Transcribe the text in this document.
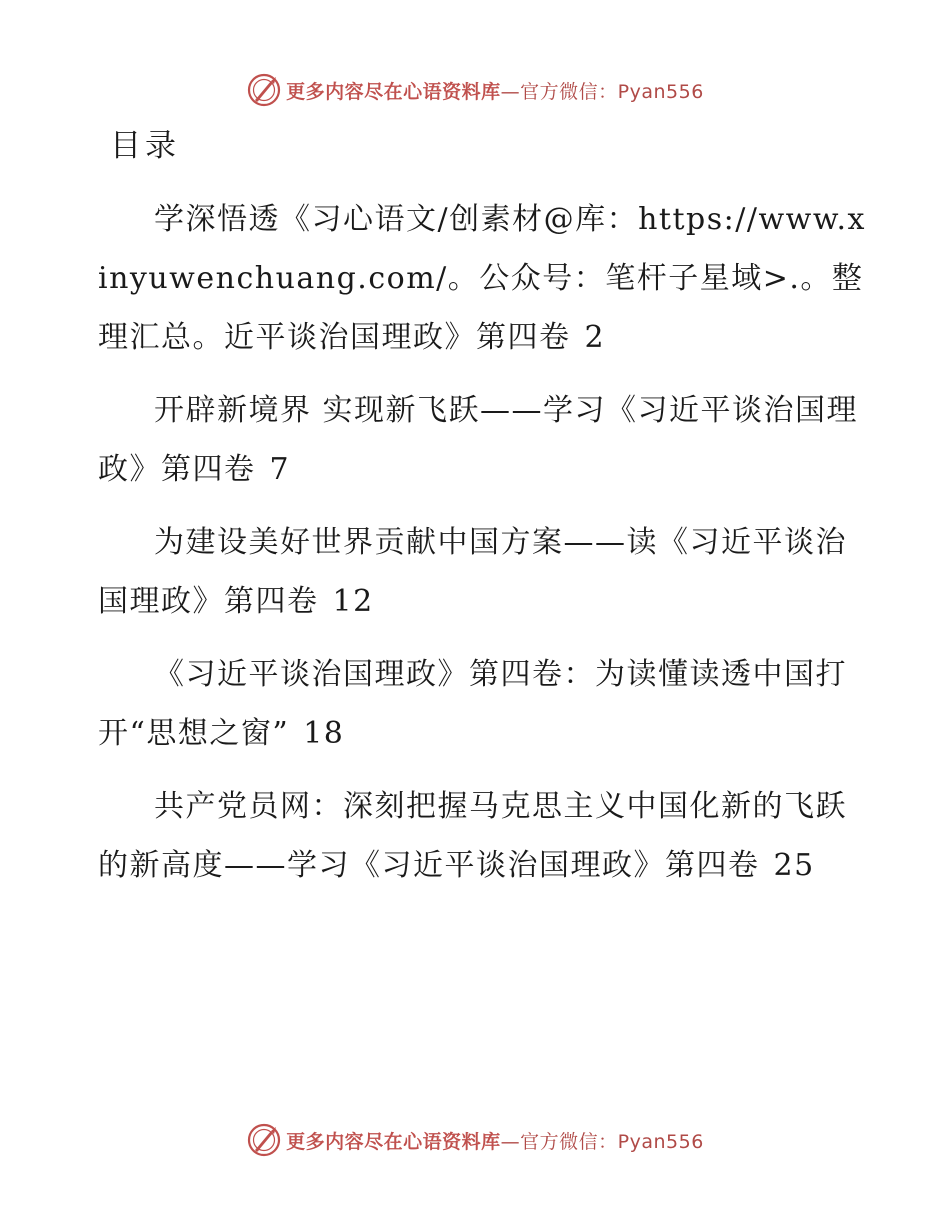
更多内容尽在心语资料库—官方微信：Pyan556
目录

学深悟透《习心语文/创素材@库：https://www.xinyuwenchuang.com/。公众号：笔杆子星域>.。整理汇总。近平谈治国理政》第四卷 2

开辟新境界 实现新飞跃——学习《习近平谈治国理政》第四卷 7

为建设美好世界贡献中国方案——读《习近平谈治国理政》第四卷 12

《习近平谈治国理政》第四卷：为读懂读透中国打开“思想之窗” 18

共产党员网：深刻把握马克思主义中国化新的飞跃的新高度——学习《习近平谈治国理政》第四卷 25

更多内容尽在心语资料库—官方微信：Pyan556
